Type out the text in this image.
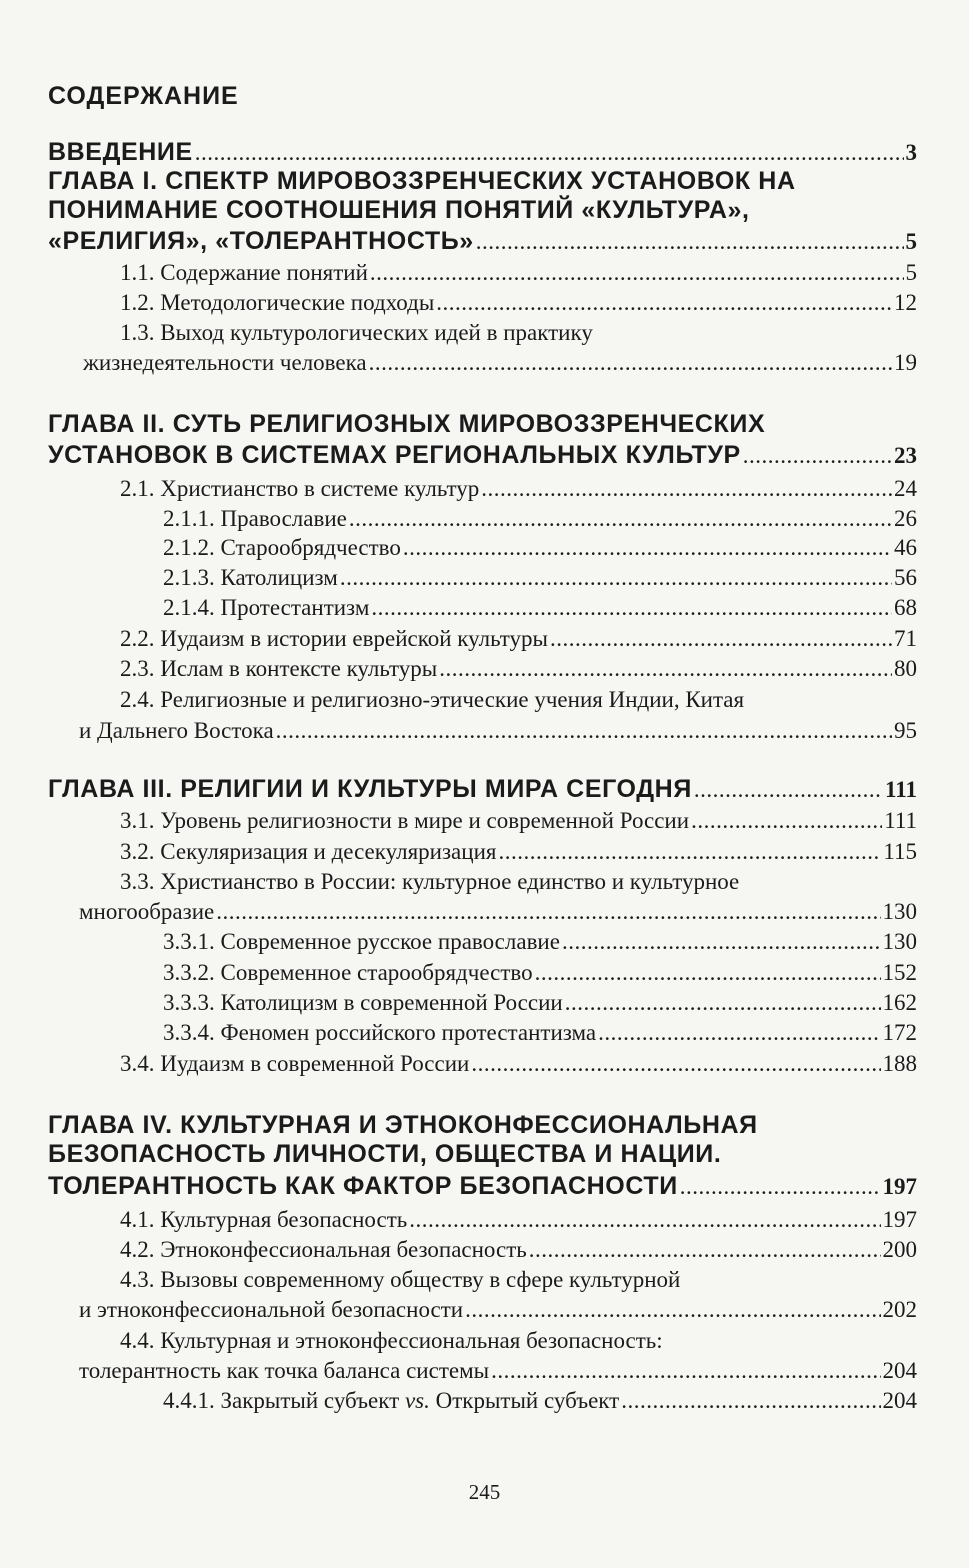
СОДЕРЖАНИЕ
ВВЕДЕНИЕ .....	3
ГЛАВА I. СПЕКТР МИРОВОЗЗРЕНЧЕСКИХ УСТАНОВОК НА
ПОНИМАНИЕ СООТНОШЕНИЯ ПОНЯТИЙ «КУЛЬТУРА»,
«РЕЛИГИЯ», «ТОЛЕРАНТНОСТЬ» .....	5
1.1. Содержание понятий .....	5
1.2. Методологические подходы .....	12
1.3. Выход культурологических идей в практику
жизнедеятельности человека .....	19
ГЛАВА II. СУТЬ РЕЛИГИОЗНЫХ МИРОВОЗЗРЕНЧЕСКИХ
УСТАНОВОК В СИСТЕМАХ РЕГИОНАЛЬНЫХ КУЛЬТУР .....	23
2.1. Христианство в системе культур .....	24
2.1.1. Православие .....	26
2.1.2. Старообрядчество .....	46
2.1.3. Католицизм .....	56
2.1.4. Протестантизм .....	68
2.2. Иудаизм в истории еврейской культуры .....	71
2.3. Ислам в контексте культуры .....	80
2.4. Религиозные и религиозно-этические учения Индии, Китая
и Дальнего Востока .....	95
ГЛАВА III. РЕЛИГИИ И КУЛЬТУРЫ МИРА СЕГОДНЯ .....	111
3.1. Уровень религиозности в мире и современной России .....	111
3.2. Секуляризация и десекуляризация .....	115
3.3. Христианство в России: культурное единство и культурное
многообразие .....	130
3.3.1. Современное русское православие .....	130
3.3.2. Современное старообрядчество .....	152
3.3.3. Католицизм в современной России .....	162
3.3.4. Феномен российского протестантизма .....	172
3.4. Иудаизм в современной России .....	188
ГЛАВА IV. КУЛЬТУРНАЯ И ЭТНОКОНФЕССИОНАЛЬНАЯ
БЕЗОПАСНОСТЬ ЛИЧНОСТИ, ОБЩЕСТВА И НАЦИИ.
ТОЛЕРАНТНОСТЬ КАК ФАКТОР БЕЗОПАСНОСТИ .....	197
4.1. Культурная безопасность .....	197
4.2. Этноконфессиональная безопасность .....	200
4.3. Вызовы современному обществу в сфере культурной
и этноконфессиональной безопасности .....	202
4.4. Культурная и этноконфессиональная безопасность:
толерантность как точка баланса системы .....	204
4.4.1. Закрытый субъект vs. Открытый субъект .....	204
245
